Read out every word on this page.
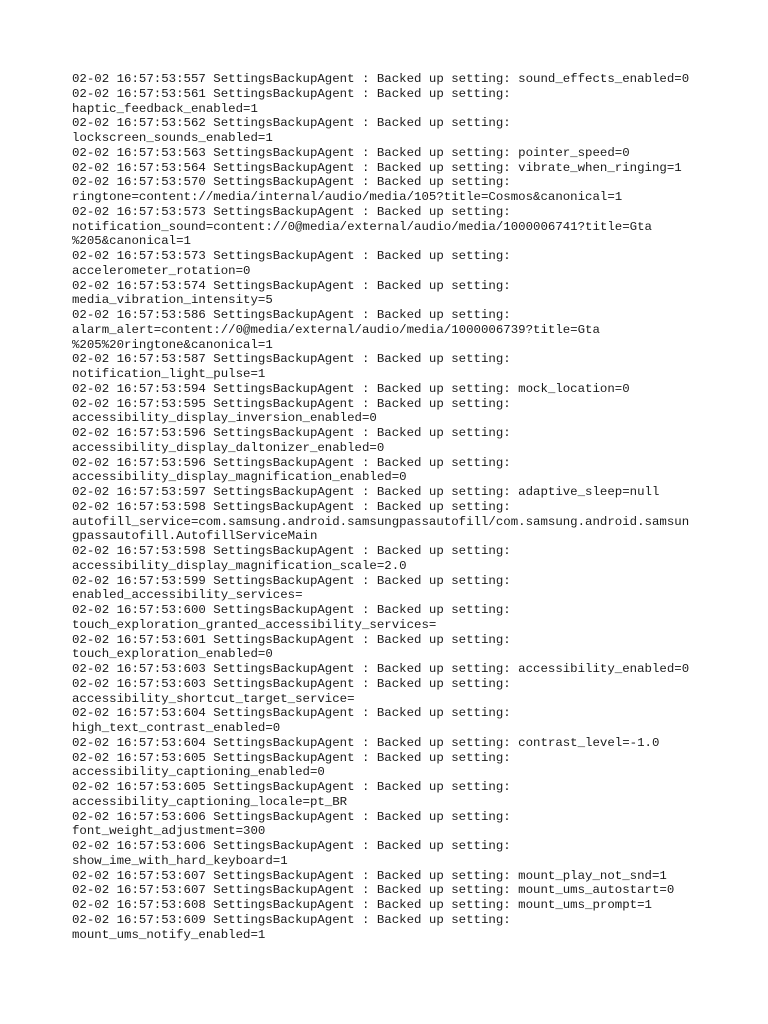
02-02 16:57:53:557 SettingsBackupAgent : Backed up setting: sound_effects_enabled=0
02-02 16:57:53:561 SettingsBackupAgent : Backed up setting:
haptic_feedback_enabled=1
02-02 16:57:53:562 SettingsBackupAgent : Backed up setting:
lockscreen_sounds_enabled=1
02-02 16:57:53:563 SettingsBackupAgent : Backed up setting: pointer_speed=0
02-02 16:57:53:564 SettingsBackupAgent : Backed up setting: vibrate_when_ringing=1
02-02 16:57:53:570 SettingsBackupAgent : Backed up setting:
ringtone=content://media/internal/audio/media/105?title=Cosmos&canonical=1
02-02 16:57:53:573 SettingsBackupAgent : Backed up setting:
notification_sound=content://0@media/external/audio/media/1000006741?title=Gta
%205&canonical=1
02-02 16:57:53:573 SettingsBackupAgent : Backed up setting:
accelerometer_rotation=0
02-02 16:57:53:574 SettingsBackupAgent : Backed up setting:
media_vibration_intensity=5
02-02 16:57:53:586 SettingsBackupAgent : Backed up setting:
alarm_alert=content://0@media/external/audio/media/1000006739?title=Gta
%205%20ringtone&canonical=1
02-02 16:57:53:587 SettingsBackupAgent : Backed up setting:
notification_light_pulse=1
02-02 16:57:53:594 SettingsBackupAgent : Backed up setting: mock_location=0
02-02 16:57:53:595 SettingsBackupAgent : Backed up setting:
accessibility_display_inversion_enabled=0
02-02 16:57:53:596 SettingsBackupAgent : Backed up setting:
accessibility_display_daltonizer_enabled=0
02-02 16:57:53:596 SettingsBackupAgent : Backed up setting:
accessibility_display_magnification_enabled=0
02-02 16:57:53:597 SettingsBackupAgent : Backed up setting: adaptive_sleep=null
02-02 16:57:53:598 SettingsBackupAgent : Backed up setting:
autofill_service=com.samsung.android.samsungpassautofill/com.samsung.android.samsun
gpassautofill.AutofillServiceMain
02-02 16:57:53:598 SettingsBackupAgent : Backed up setting:
accessibility_display_magnification_scale=2.0
02-02 16:57:53:599 SettingsBackupAgent : Backed up setting:
enabled_accessibility_services=
02-02 16:57:53:600 SettingsBackupAgent : Backed up setting:
touch_exploration_granted_accessibility_services=
02-02 16:57:53:601 SettingsBackupAgent : Backed up setting:
touch_exploration_enabled=0
02-02 16:57:53:603 SettingsBackupAgent : Backed up setting: accessibility_enabled=0
02-02 16:57:53:603 SettingsBackupAgent : Backed up setting:
accessibility_shortcut_target_service=
02-02 16:57:53:604 SettingsBackupAgent : Backed up setting:
high_text_contrast_enabled=0
02-02 16:57:53:604 SettingsBackupAgent : Backed up setting: contrast_level=-1.0
02-02 16:57:53:605 SettingsBackupAgent : Backed up setting:
accessibility_captioning_enabled=0
02-02 16:57:53:605 SettingsBackupAgent : Backed up setting:
accessibility_captioning_locale=pt_BR
02-02 16:57:53:606 SettingsBackupAgent : Backed up setting:
font_weight_adjustment=300
02-02 16:57:53:606 SettingsBackupAgent : Backed up setting:
show_ime_with_hard_keyboard=1
02-02 16:57:53:607 SettingsBackupAgent : Backed up setting: mount_play_not_snd=1
02-02 16:57:53:607 SettingsBackupAgent : Backed up setting: mount_ums_autostart=0
02-02 16:57:53:608 SettingsBackupAgent : Backed up setting: mount_ums_prompt=1
02-02 16:57:53:609 SettingsBackupAgent : Backed up setting:
mount_ums_notify_enabled=1
